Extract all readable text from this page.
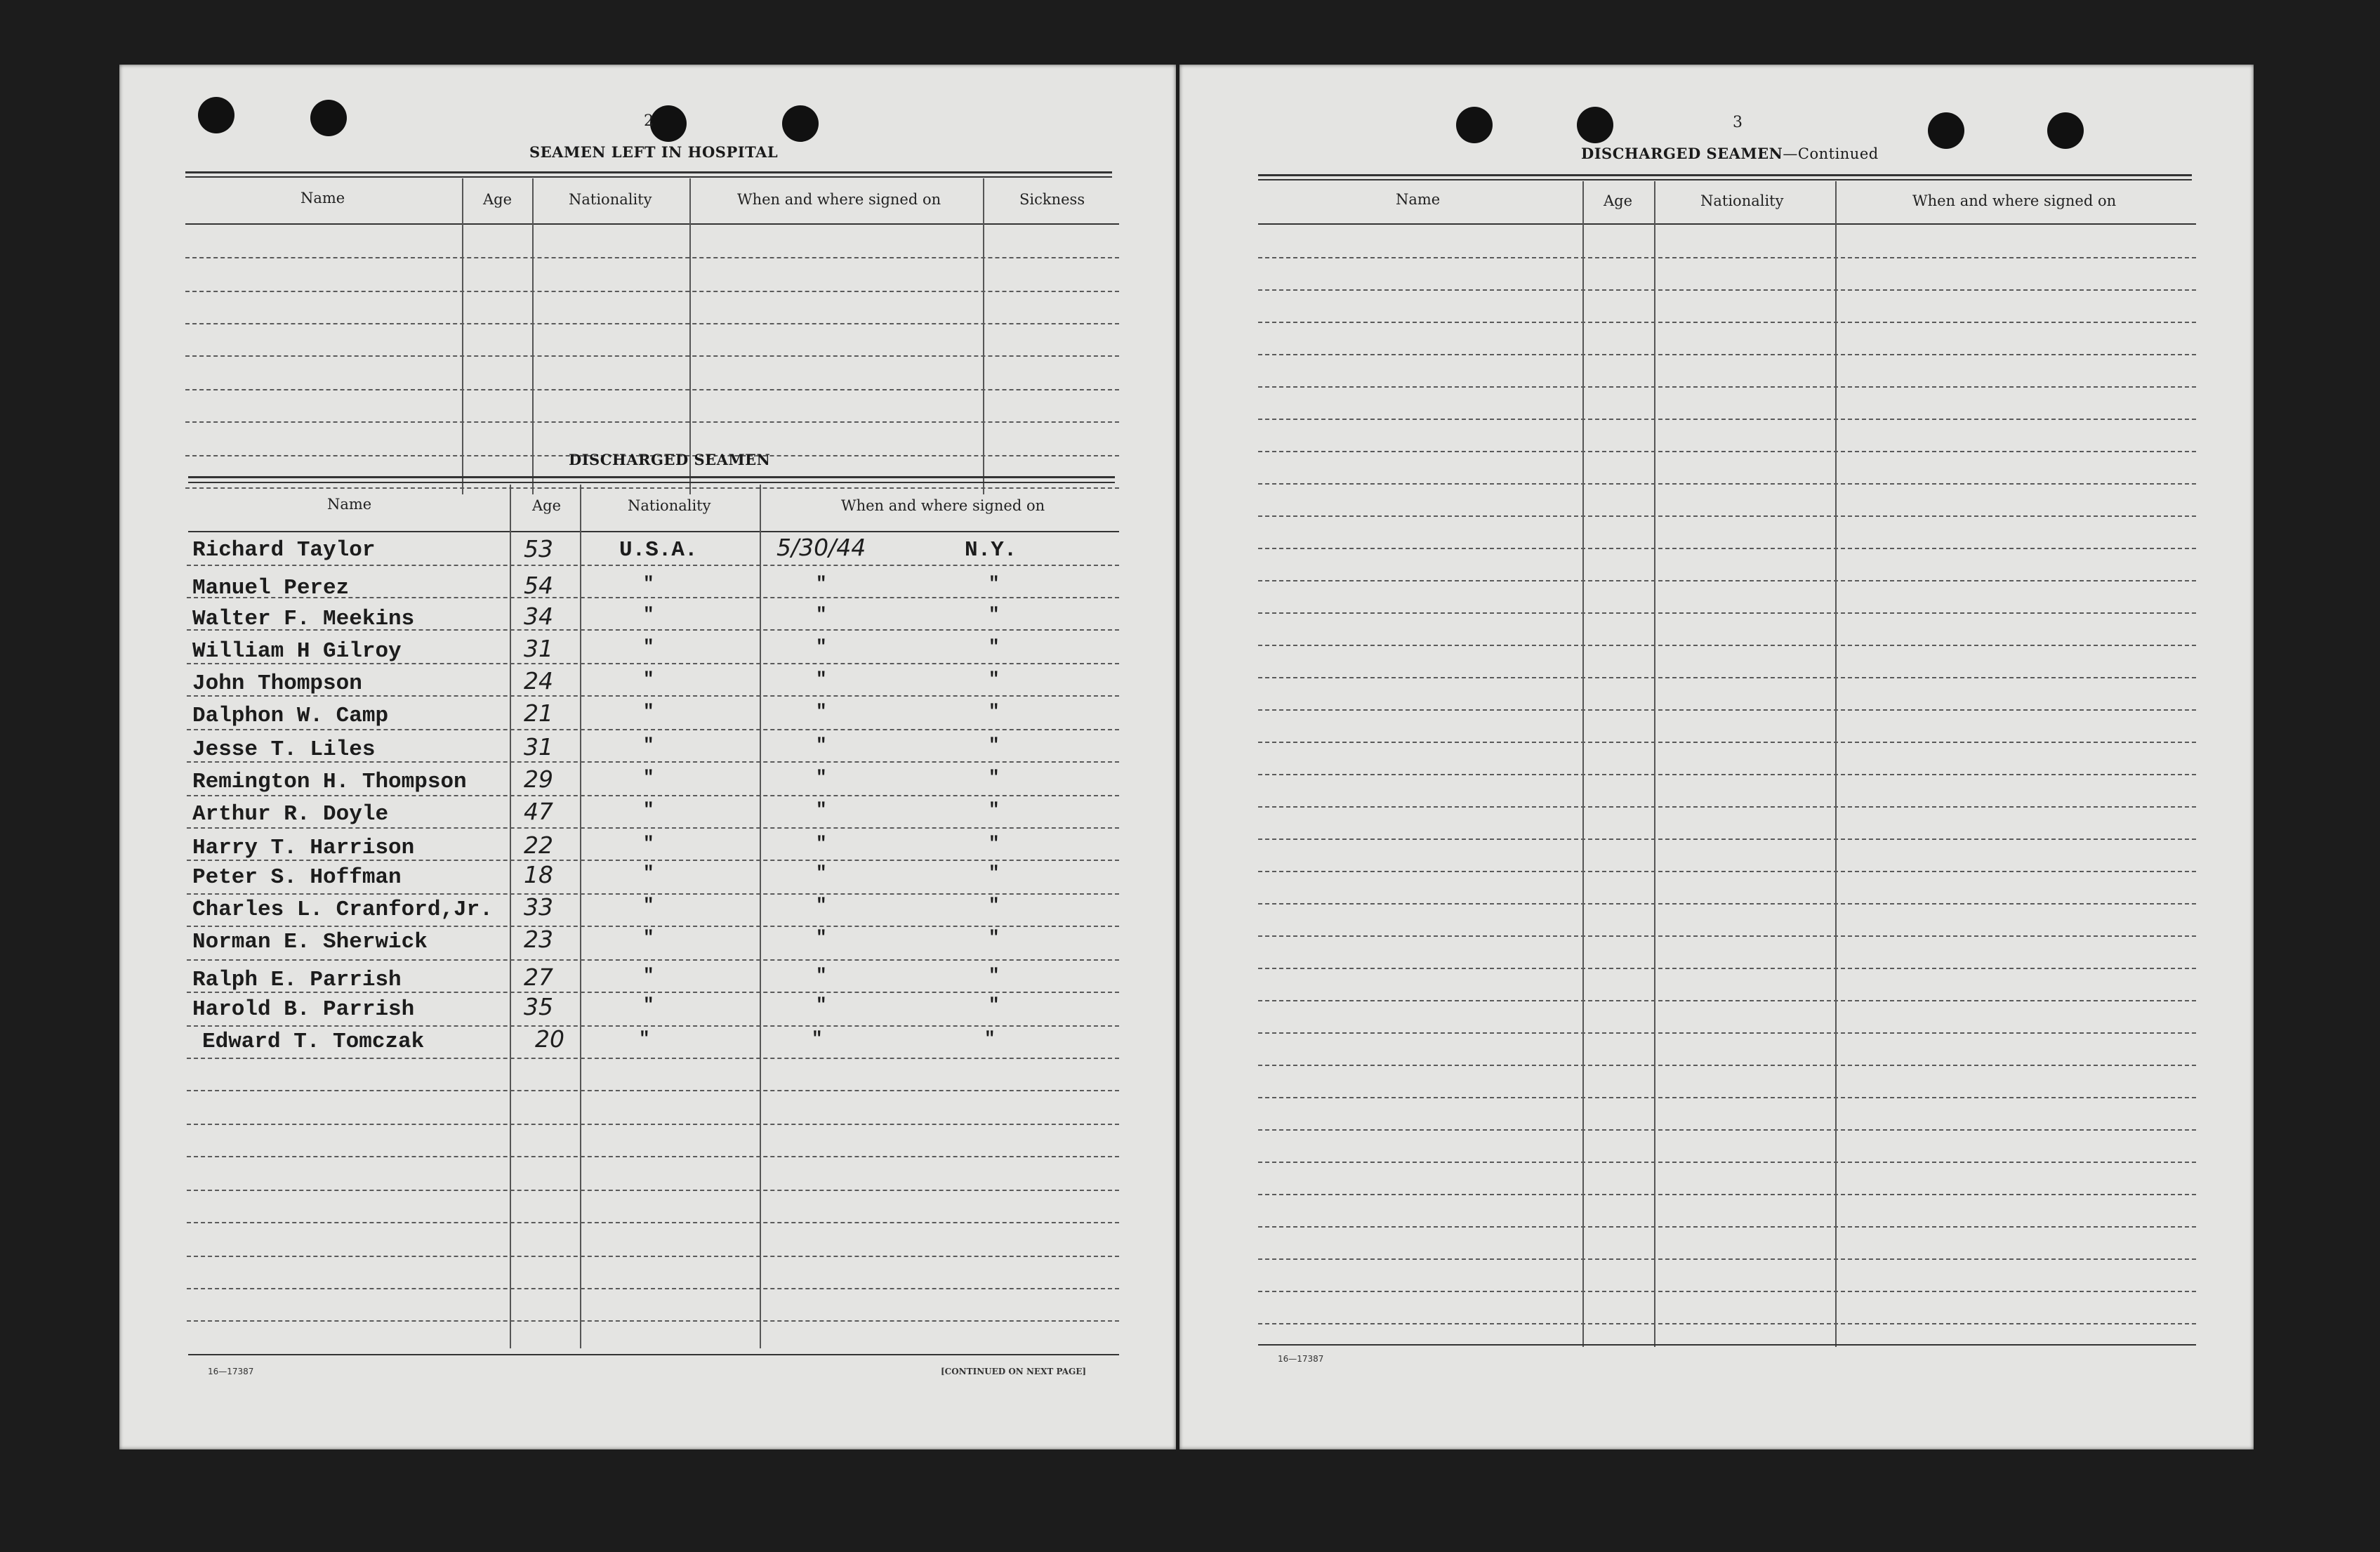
2
SEAMEN LEFT IN HOSPITAL
Name	Age	Nationality	When and where signed on	Sickness
DISCHARGED SEAMEN
Name	Age	Nationality	When and where signed on
Richard Taylor	53	U.S.A.	5/30/44	N.Y.
Manuel Perez	54	"	"	"
Walter F. Meekins	34	"	"	"
William H Gilroy	31	"	"	"
John Thompson	24	"	"	"
Dalphon W. Camp	21	"	"	"
Jesse T. Liles	31	"	"	"
Remington H. Thompson 29	"	"	"
Arthur R. Doyle	47	"	"	"
Harry T. Harrison	22	"	"	"
Peter S. Hoffman	18	"	"	"
Charles L. Cranford,Jr. 33	"	"	"
Norman E. Sherwick	23	"	"	"
Ralph E. Parrish	27	"	"	"
Harold B. Parrish	35	"	"	"
Edward T. Tomczak	20	"	"	"
16—17387	[CONTINUED ON NEXT PAGE]
3
DISCHARGED SEAMEN—Continued
Name	Age	Nationality	When and where signed on
16—17387
